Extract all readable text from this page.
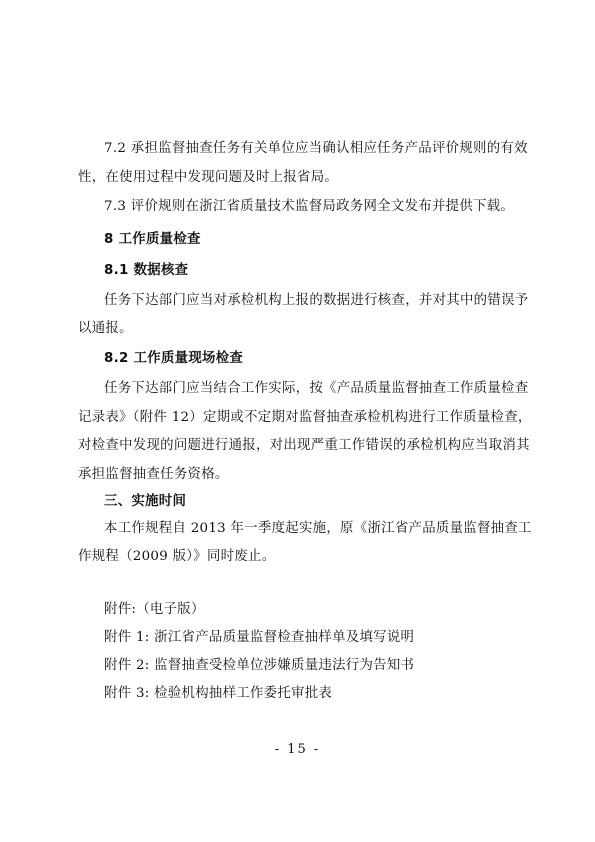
7.2 承担监督抽查任务有关单位应当确认相应任务产品评价规则的有效
性，在使用过程中发现问题及时上报省局。
7.3 评价规则在浙江省质量技术监督局政务网全文发布并提供下载。
8 工作质量检查
8.1 数据核查
任务下达部门应当对承检机构上报的数据进行核查，并对其中的错误予
以通报。
8.2 工作质量现场检查
任务下达部门应当结合工作实际，按《产品质量监督抽查工作质量检查
记录表》（附件 12）定期或不定期对监督抽查承检机构进行工作质量检查，
对检查中发现的问题进行通报，对出现严重工作错误的承检机构应当取消其
承担监督抽查任务资格。
三、实施时间
本工作规程自 2013 年一季度起实施，原《浙江省产品质量监督抽查工
作规程（2009 版）》同时废止。
附件:（电子版）
附件 1: 浙江省产品质量监督检查抽样单及填写说明
附件 2: 监督抽查受检单位涉嫌质量违法行为告知书
附件 3: 检验机构抽样工作委托审批表
- 15 -
